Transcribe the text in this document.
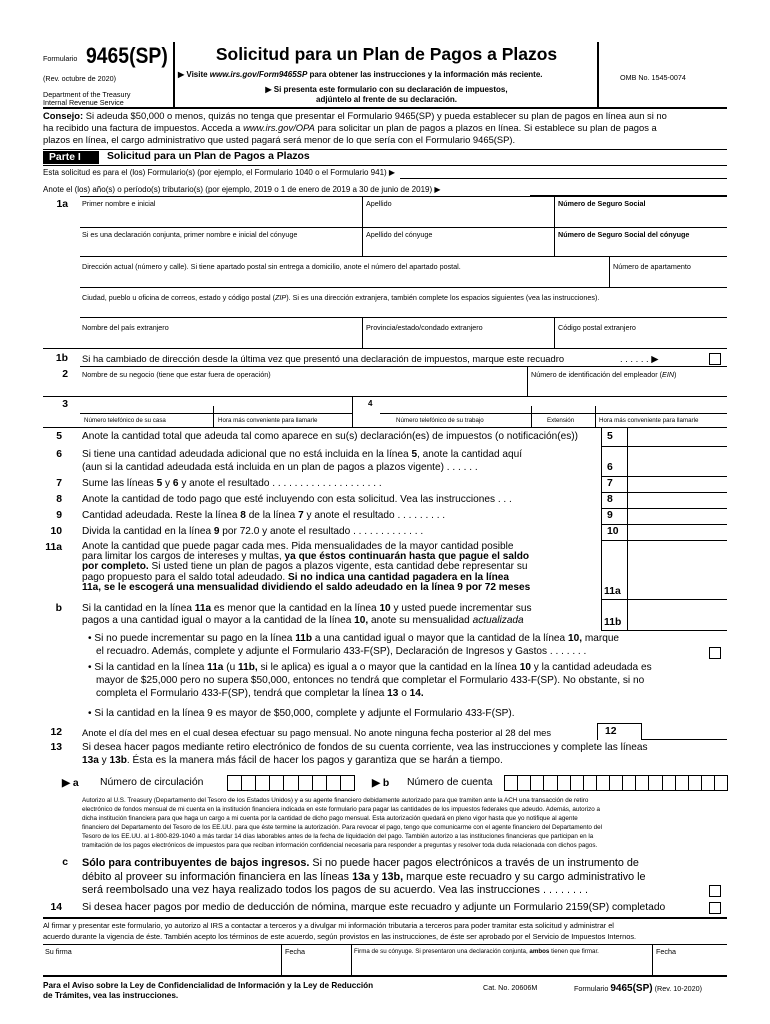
Formulario 9465(SP)
(Rev. octubre de 2020)
Department of the Treasury
Internal Revenue Service
Solicitud para un Plan de Pagos a Plazos
▶ Visite www.irs.gov/Form9465SP para obtener las instrucciones y la información más reciente.
▶ Si presenta este formulario con su declaración de impuestos,
adjúntelo al frente de su declaración.
OMB No. 1545-0074
Consejo: Si adeuda $50,000 o menos, quizás no tenga que presentar el Formulario 9465(SP) y pueda establecer su plan de pagos en línea aun si no
ha recibido una factura de impuestos. Acceda a www.irs.gov/OPA para solicitar un plan de pagos a plazos en línea. Si establece su plan de pagos a
plazos en línea, el cargo administrativo que usted pagará será menor de lo que sería con el Formulario 9465(SP).
Parte I	Solicitud para un Plan de Pagos a Plazos
Esta solicitud es para el (los) Formulario(s) (por ejemplo, el Formulario 1040 o el Formulario 941) ▶
Anote el (los) año(s) o período(s) tributario(s) (por ejemplo, 2019 o 1 de enero de 2019 a 30 de junio de 2019) ▶
1a Primer nombre e inicial	Apellido	Número de Seguro Social
Si es una declaración conjunta, primer nombre e inicial del cónyuge	Apellido del cónyuge	Número de Seguro Social del cónyuge
Dirección actual (número y calle). Si tiene apartado postal sin entrega a domicilio, anote el número del apartado postal.	Número de apartamento
Ciudad, pueblo u oficina de correos, estado y código postal (ZIP). Si es una dirección extranjera, también complete los espacios siguientes (vea las instrucciones).
Nombre del país extranjero	Provincia/estado/condado extranjero	Código postal extranjero
1b Si ha cambiado de dirección desde la última vez que presentó una declaración de impuestos, marque este recuadro	. . . . . . ▶
2 Nombre de su negocio (tiene que estar fuera de operación)	Número de identificación del empleador (EIN)
3
Número telefónico de su casa	Hora más conveniente para llamarle
4
Número telefónico de su trabajo	Extensión	Hora más conveniente para llamarle
5 Anote la cantidad total que adeuda tal como aparece en su(s) declaración(es) de impuestos (o notificación(es))	5
6 Si tiene una cantidad adeudada adicional que no está incluida en la línea 5, anote la cantidad aquí
(aun si la cantidad adeudada está incluida en un plan de pagos a plazos vigente) . . . . . .	6
7 Sume las líneas 5 y 6 y anote el resultado . . . . . . . . . . . . . . . . . . . .	7
8 Anote la cantidad de todo pago que esté incluyendo con esta solicitud. Vea las instrucciones . . .	8
9 Cantidad adeudada. Reste la línea 8 de la línea 7 y anote el resultado . . . . . . . . .	9
10 Divida la cantidad en la línea 9 por 72.0 y anote el resultado . . . . . . . . . . . . .	10
11a Anote la cantidad que puede pagar cada mes. Pida mensualidades de la mayor cantidad posible
para limitar los cargos de intereses y multas, ya que éstos continuarán hasta que pague el saldo
por completo. Si usted tiene un plan de pagos a plazos vigente, esta cantidad debe representar su
pago propuesto para el saldo total adeudado. Si no indica una cantidad pagadera en la línea
11a, se le escogerá una mensualidad dividiendo el saldo adeudado en la línea 9 por 72 meses	11a
b Si la cantidad en la línea 11a es menor que la cantidad en la línea 10 y usted puede incrementar sus
pagos a una cantidad igual o mayor a la cantidad de la línea 10, anote su mensualidad actualizada	11b
• Si no puede incrementar su pago en la línea 11b a una cantidad igual o mayor que la cantidad de la línea 10, marque
el recuadro. Además, complete y adjunte el Formulario 433-F(SP), Declaración de Ingresos y Gastos . . . . . . .
• Si la cantidad en la línea 11a (u 11b, si le aplica) es igual a o mayor que la cantidad en la línea 10 y la cantidad adeudada es
mayor de $25,000 pero no supera $50,000, entonces no tendrá que completar el Formulario 433-F(SP). No obstante, si no
completa el Formulario 433-F(SP), tendrá que completar la línea 13 o 14.
• Si la cantidad en la línea 9 es mayor de $50,000, complete y adjunte el Formulario 433-F(SP).
12 Anote el día del mes en el cual desea efectuar su pago mensual. No anote ninguna fecha posterior al 28 del mes	12
13 Si desea hacer pagos mediante retiro electrónico de fondos de su cuenta corriente, vea las instrucciones y complete las líneas
13a y 13b. Ésta es la manera más fácil de hacer los pagos y garantiza que se harán a tiempo.
▶ a Número de circulación	▶ b Número de cuenta
Autorizo al U.S. Treasury (Departamento del Tesoro de los Estados Unidos) y a su agente financiero debidamente autorizado para que tramiten ante la ACH una transacción de retiro
electrónico de fondos mensual de mi cuenta en la institución financiera indicada en este formulario para pagar las cantidades de los impuestos federales que adeudo. Además, autorizo a
dicha institución financiera para que haga un cargo a mi cuenta por la cantidad de dicho pago mensual. Esta autorización quedará en pleno vigor hasta que yo notifique al agente
financiero del Departamento del Tesoro de los EE.UU. para que éste termine la autorización. Para revocar el pago, tengo que comunicarme con el agente financiero del Departamento del
Tesoro de los EE.UU. al 1-800-829-1040 a más tardar 14 días laborables antes de la fecha de liquidación del pago. También autorizo a las instituciones financieras que participan en la
tramitación de los pagos electrónicos de impuestos para que reciban información confidencial necesaria para responder a preguntas y resolver toda duda relacionada con dichos pagos.
c Sólo para contribuyentes de bajos ingresos. Si no puede hacer pagos electrónicos a través de un instrumento de
débito al proveer su información financiera en las líneas 13a y 13b, marque este recuadro y su cargo administrativo le
será reembolsado una vez haya realizado todos los pagos de su acuerdo. Vea las instrucciones . . . . . . . .
14 Si desea hacer pagos por medio de deducción de nómina, marque este recuadro y adjunte un Formulario 2159(SP) completado
Al firmar y presentar este formulario, yo autorizo al IRS a contactar a terceros y a divulgar mi información tributaria a terceros para poder tramitar esta solicitud y administrar el
acuerdo durante la vigencia de éste. También acepto los términos de este acuerdo, según provistos en las instrucciones, de éste ser aprobado por el Servicio de Impuestos Internos.
Su firma	Fecha	Firma de su cónyuge. Si presentaron una declaración conjunta, ambos tienen que firmar.	Fecha
Para el Aviso sobre la Ley de Confidencialidad de Información y la Ley de Reducción
de Trámites, vea las instrucciones.
Cat. No. 20606M	Formulario 9465(SP) (Rev. 10-2020)
